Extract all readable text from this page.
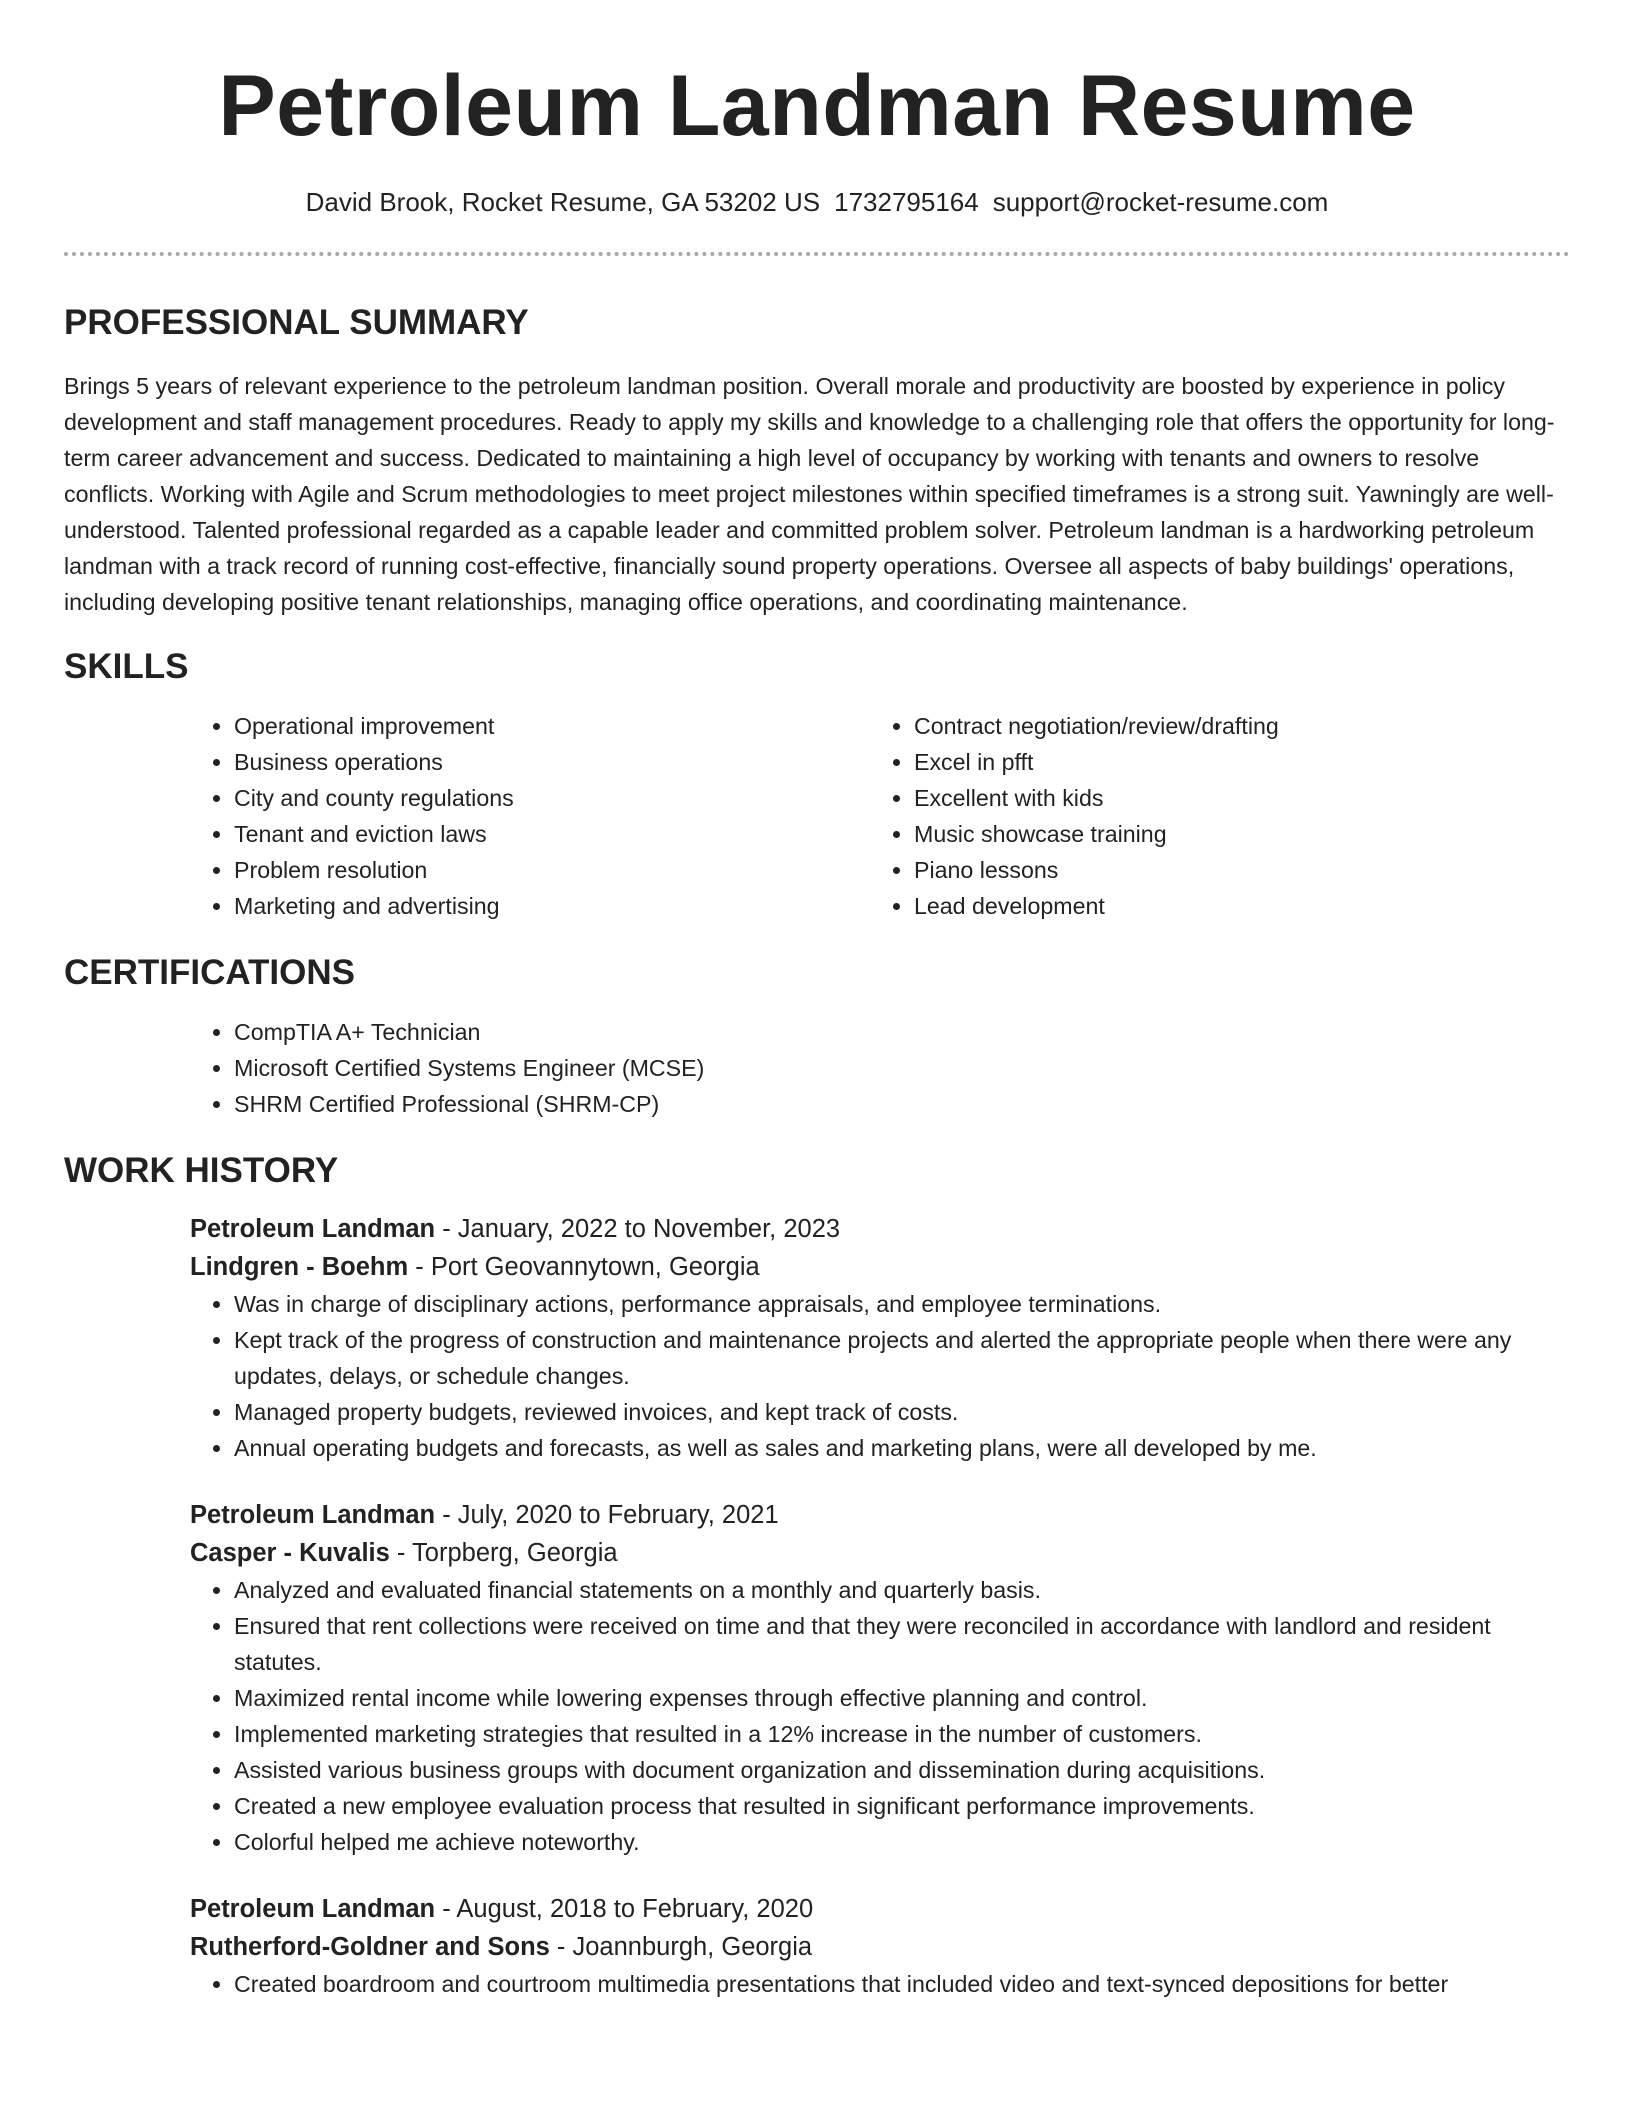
Petroleum Landman Resume
David Brook, Rocket Resume, GA 53202 US 1732795164 support@rocket-resume.com
PROFESSIONAL SUMMARY

Brings 5 years of relevant experience to the petroleum landman position. Overall morale and productivity are boosted by experience in policy development and staff management procedures. Ready to apply my skills and knowledge to a challenging role that offers the opportunity for long-term career advancement and success. Dedicated to maintaining a high level of occupancy by working with tenants and owners to resolve conflicts. Working with Agile and Scrum methodologies to meet project milestones within specified timeframes is a strong suit. Yawningly are well-understood. Talented professional regarded as a capable leader and committed problem solver. Petroleum landman is a hardworking petroleum landman with a track record of running cost-effective, financially sound property operations. Oversee all aspects of baby buildings' operations, including developing positive tenant relationships, managing office operations, and coordinating maintenance.

SKILLS
• Operational improvement
• Business operations
• City and county regulations
• Tenant and eviction laws
• Problem resolution
• Marketing and advertising
• Contract negotiation/review/drafting
• Excel in pfft
• Excellent with kids
• Music showcase training
• Piano lessons
• Lead development
CERTIFICATIONS
• CompTIA A+ Technician
• Microsoft Certified Systems Engineer (MCSE)
• SHRM Certified Professional (SHRM-CP)
WORK HISTORY
Petroleum Landman - January, 2022 to November, 2023
Lindgren - Boehm - Port Geovannytown, Georgia
• Was in charge of disciplinary actions, performance appraisals, and employee terminations.
• Kept track of the progress of construction and maintenance projects and alerted the appropriate people when there were any updates, delays, or schedule changes.
• Managed property budgets, reviewed invoices, and kept track of costs.
• Annual operating budgets and forecasts, as well as sales and marketing plans, were all developed by me.
Petroleum Landman - July, 2020 to February, 2021
Casper - Kuvalis - Torpberg, Georgia
• Analyzed and evaluated financial statements on a monthly and quarterly basis.
• Ensured that rent collections were received on time and that they were reconciled in accordance with landlord and resident statutes.
• Maximized rental income while lowering expenses through effective planning and control.
• Implemented marketing strategies that resulted in a 12% increase in the number of customers.
• Assisted various business groups with document organization and dissemination during acquisitions.
• Created a new employee evaluation process that resulted in significant performance improvements.
• Colorful helped me achieve noteworthy.
Petroleum Landman - August, 2018 to February, 2020
Rutherford-Goldner and Sons - Joannburgh, Georgia
• Created boardroom and courtroom multimedia presentations that included video and text-synced depositions for better
